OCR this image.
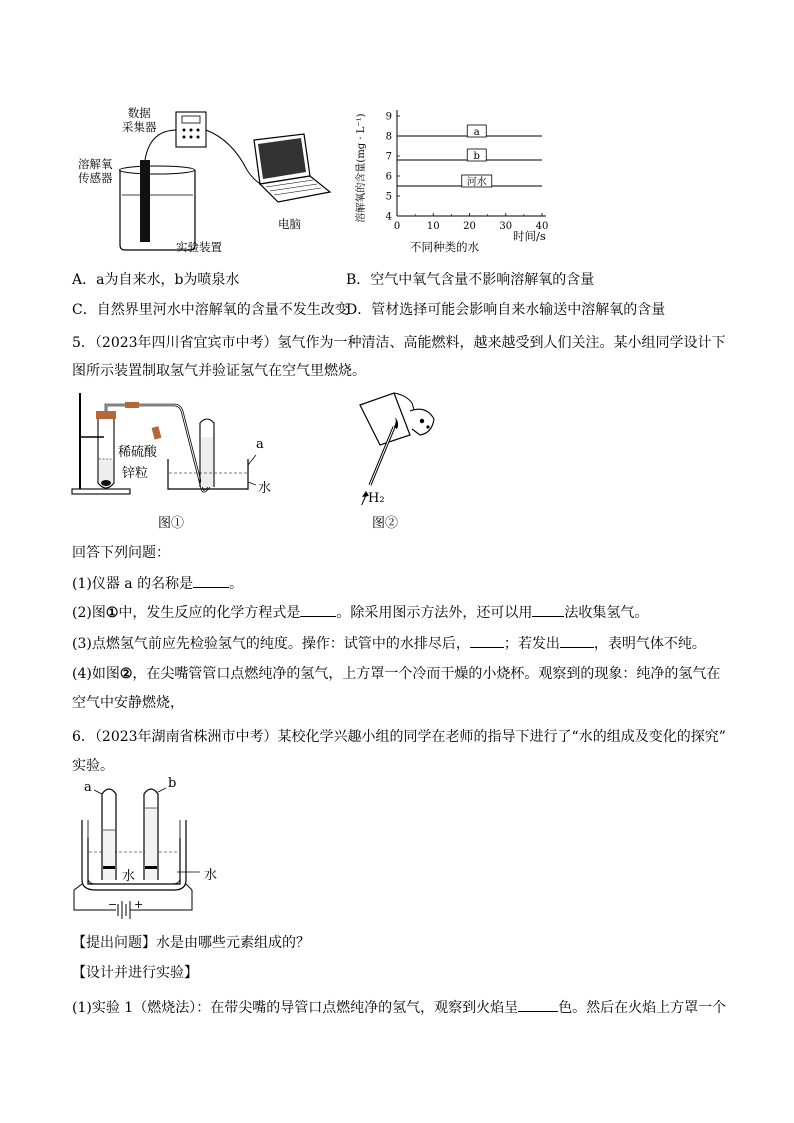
数据
采集器
溶解氧
传感器
电脑
实验装置
a
b
河水
4
5
6
7
8
9
0	10 20 30 40
溶解氧的含量(mg · L⁻¹)
时间/s
不同种类的水
A．a为自来水，b为喷泉水	B．空气中氧气含量不影响溶解氧的含量
C．自然界里河水中溶解氧的含量不发生改变
D．管材选择可能会影响自来水输送中溶解氧的含量
5．（2023年四川省宜宾市中考）氢气作为一种清洁、高能燃料，越来越受到人们关注。某小组同学设计下
图所示装置制取氢气并验证氢气在空气里燃烧。
稀硫酸
锌粒
a
水
图①
H₂
图②
回答下列问题：
(1)仪器 a 的名称是	。
(2)图①中，发生反应的化学方程式是	。除采用图示方法外，还可以用 法收集氢气。
(3)点燃氢气前应先检验氢气的纯度。操作：试管中的水排尽后， ；若发出 ，表明气体不纯。
(4)如图②，在尖嘴管管口点燃纯净的氢气，上方罩一个冷而干燥的小烧杯。观察到的现象：纯净的氢气在
空气中安静燃烧，
6．（2023年湖南省株洲市中考）某校化学兴趣小组的同学在老师的指导下进行了“水的组成及变化的探究”
实验。
a	b
水	水
− +
【提出问题】水是由哪些元素组成的？
【设计并进行实验】
(1)实验 1（燃烧法）：在带尖嘴的导管口点燃纯净的氢气，观察到火焰呈	色。然后在火焰上方罩一个
